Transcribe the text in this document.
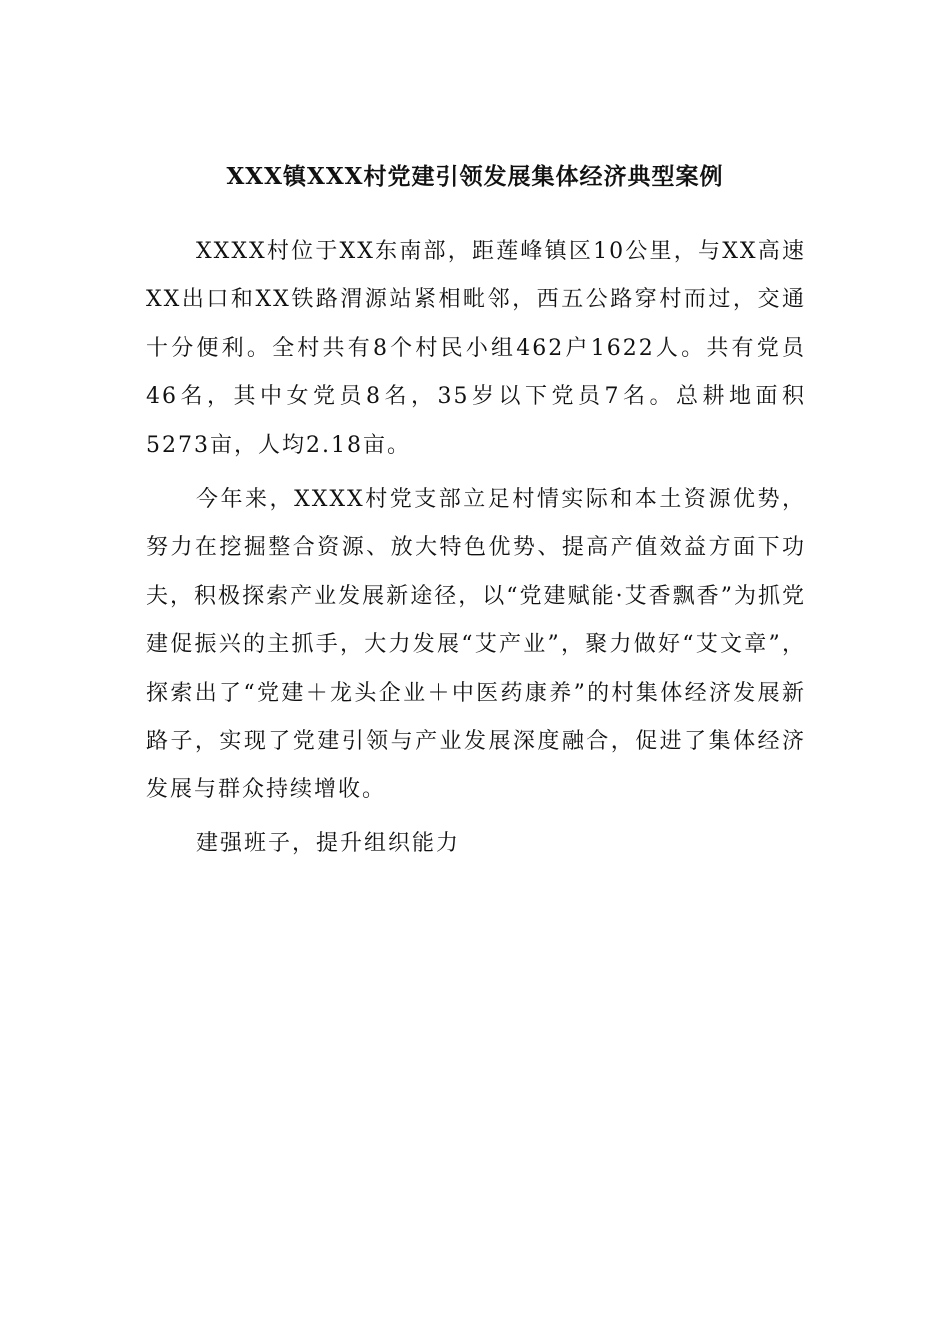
XXX镇XXX村党建引领发展集体经济典型案例

XXXX村位于XX东南部，距莲峰镇区10公里，与XX高速XX出口和XX铁路渭源站紧相毗邻，西五公路穿村而过，交通十分便利。全村共有8个村民小组462户1622人。共有党员46名，其中女党员8名，35岁以下党员7名。总耕地面积5273亩，人均2.18亩。

今年来，XXXX村党支部立足村情实际和本土资源优势，努力在挖掘整合资源、放大特色优势、提高产值效益方面下功夫，积极探索产业发展新途径，以“党建赋能·艾香飘香”为抓党建促振兴的主抓手，大力发展“艾产业”，聚力做好“艾文章”，探索出了“党建＋龙头企业＋中医药康养”的村集体经济发展新路子，实现了党建引领与产业发展深度融合，促进了集体经济发展与群众持续增收。

建强班子，提升组织能力
